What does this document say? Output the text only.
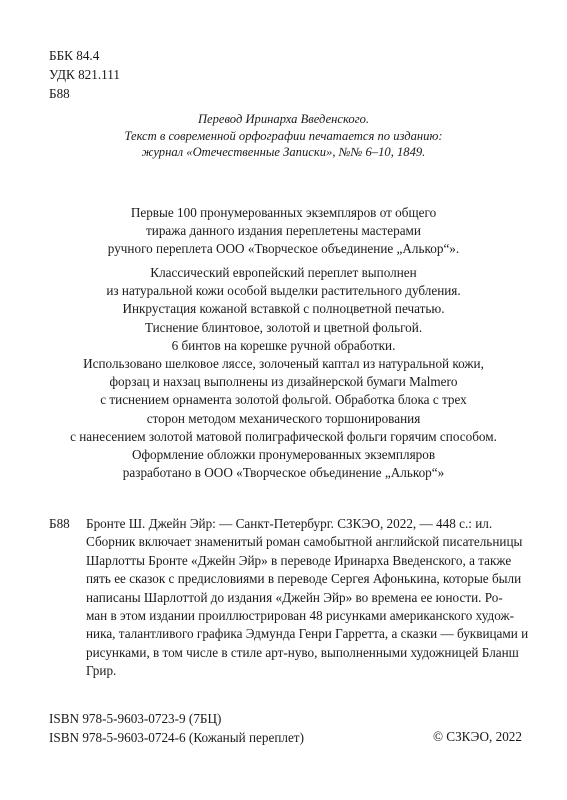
ББК 84.4
УДК 821.111
Б88
Перевод Иринарха Введенского.
Текст в современной орфографии печатается по изданию:
журнал «Отечественные Записки», №№ 6–10, 1849.
Первые 100 пронумерованных экземпляров от общего
тиража данного издания переплетены мастерами
ручного переплета ООО «Творческое объединение „Алькор“».
Классический европейский переплет выполнен
из натуральной кожи особой выделки растительного дубления.
Инкрустация кожаной вставкой с полноцветной печатью.
Тиснение блинтовое, золотой и цветной фольгой.
6 бинтов на корешке ручной обработки.
Использовано шелковое ляссе, золоченый каптал из натуральной кожи,
форзац и нахзац выполнены из дизайнерской бумаги Malmero
с тиснением орнамента золотой фольгой. Обработка блока с трех
сторон методом механического торшонирования
с нанесением золотой матовой полиграфической фольги горячим способом.
Оформление обложки пронумерованных экземпляров
разработано в ООО «Творческое объединение „Алькор“»
Б88 Бронте Ш. Джейн Эйр: — Санкт-Петербург. СЗКЭО, 2022, — 448 с.: ил.
Сборник включает знаменитый роман самобытной английской писательницы
Шарлотты Бронте «Джейн Эйр» в переводе Иринарха Введенского, а также
пять ее сказок с предисловиями в переводе Сергея Афонькина, которые были
написаны Шарлоттой до издания «Джейн Эйр» во времена ее юности. Ро-
ман в этом издании проиллюстрирован 48 рисунками американского худож-
ника, талантливого графика Эдмунда Генри Гарретта, а сказки — буквицами и
рисунками, в том числе в стиле арт-нуво, выполненными художницей Бланш
Грир.
ISBN 978-5-9603-0723-9 (7БЦ)
ISBN 978-5-9603-0724-6 (Кожаный переплет)	© СЗКЭО, 2022
